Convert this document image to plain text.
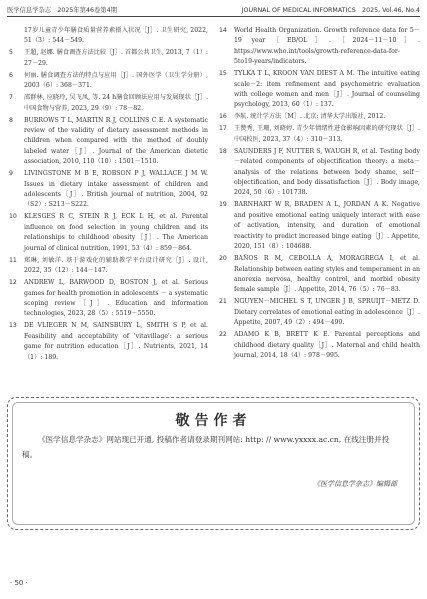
医学信息学杂志　2025年第46卷第4期	JOURNAL OF MEDICAL INFORMATICS　2025, Vol.46, No.4
17岁儿童青少年膳食质量营养素摄入状况［J］. 卫生研究, 2022, 51（3）: 544－549.
5	王超, 赵娜. 膳食调查方法比较［J］. 首都公共卫生, 2013, 7（1）: 27－29.
6	何丽. 膳食调查方法的特点与应用［J］. 国外医学（卫生学分册）, 2003（6）: 368－371.
7	邵群林, 应晓玲, 吴飞凤, 等. 24 h膳食回顾法应用与发展现状［J］. 中国食物与营养, 2023, 29（9）: 78－82.
8	BURROWS T L, MARTIN R J, COLLINS C E. A systematic review of the validity of dietary assessment methods in children when compared with the method of doubly labeled water［J］. Journal of the American dietetic association, 2010, 110（10）: 1501－1510.
9	LIVINGSTONE M B E, ROBSON P J, WALLACE J M W. Issues in dietary intake assessment of children and adolescents［J］. British journal of nutrition, 2004, 92（S2）: S213－S222.
10	KLESGES R C, STEIN R J, ECK L H, et al. Parental influence on food selection in young children and its relationships to childhood obesity［J］. The American journal of clinical nutrition, 1991, 53（4）: 859－864.
11	郑琳, 刘敏洋. 基于游戏化的辅助教学平台设计研究［J］. 设计, 2022, 35（12）: 144－147.
12	ANDREW L, BARWOOD D, BOSTON J, et al. Serious games for health promotion in adolescents － a systematic scoping review［J］. Education and information technologies, 2023, 28（5）: 5519－5550.
13	DE VLIEGER N M, SAINSBURY L, SMITH S P, et al. Feasibility and acceptability of 'vitavillage': a serious game for nutrition education［J］. Nutrients, 2021, 14（1）: 189.
14	World Health Organization. Growth reference data for 5－19 year［EB/OL］.［2024－11－10］. https://www.who.int/tools/growth-reference-data-for-5to19-years/indicators.
15	TYLKA T L, KROON VAN DIEST A M. The intuitive eating scale－2: item refinement and psychometric evaluation with college women and men［J］. Journal of counseling psychology, 2013, 60（1）: 137.
16	李航. 统计学方法［M］. 北京: 清华大学出版社, 2012.
17	王赞秀, 王珊, 刘晓婷. 青少年情绪性进食影响因素的研究现状［J］. 中国校医, 2023, 37（4）: 310－313.
18	SAUNDERS J F, NUTTER S, WAUGH R, et al. Testing body－related components of objectification theory: a meta－analysis of the relations between body shame, self－objectification, and body dissatisfaction［J］. Body image, 2024, 50（6）: 101738.
19	BARNHART W R, BRADEN A L, JORDAN A K. Negative and positive emotional eating uniquely interact with ease of activation, intensity, and duration of emotional reactivity to predict increased binge eating［J］. Appetite, 2020, 151（8）: 104688.
20	BAÑOS R M, CEBOLLA A, MORAGREGA I, et al. Relationship between eating styles and temperament in an anorexia nervosa, healthy control, and morbid obesity female sample［J］. Appetite, 2014, 76（5）: 76－83.
21	NGUYEN－MICHEL S T, UNGER J B, SPRUIJT－METZ D. Dietary correlates of emotional eating in adolescence［J］. Appetite, 2007, 49（2）: 494－499.
22	ADAMO K B, BRETT K E. Parental perceptions and childhood dietary quality［J］. Maternal and child health journal, 2014, 18（4）: 978－995.
敬告作者
《医学信息学杂志》网站现已开通, 投稿作者请登录期刊网站: http: // www.yxxxx.ac.cn, 在线注册并投稿。
《医学信息学杂志》编辑部
· 50 ·
